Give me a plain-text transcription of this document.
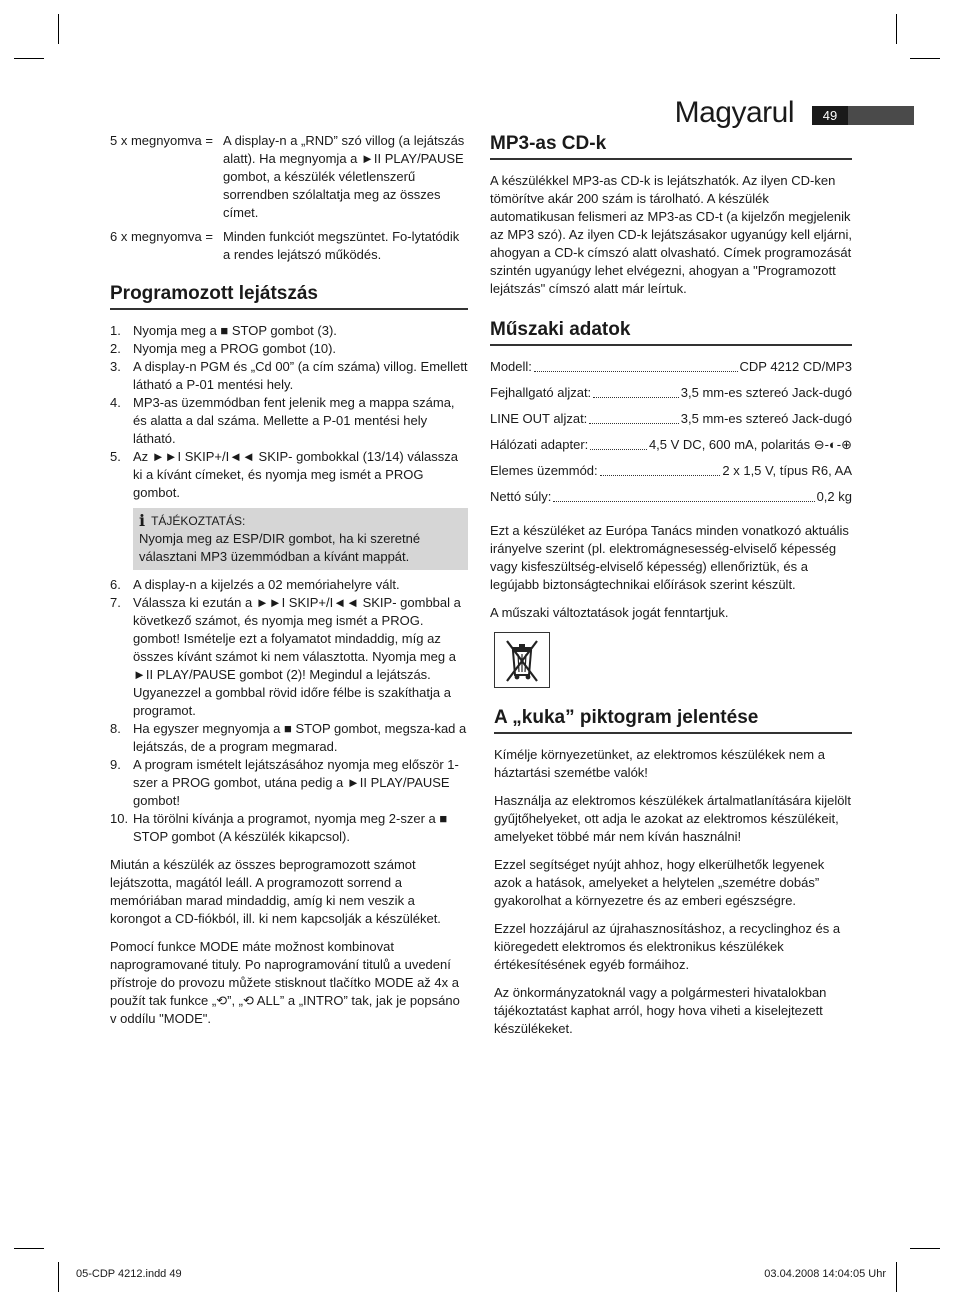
Magyarul	49
5 x megnyomva = A display-n a „RND” szó villog (a lejátszás alatt). Ha megnyomja a ►II PLAY/PAUSE gombot, a készülék véletlenszerű sorrendben szólaltatja meg az összes címet.
6 x megnyomva = Minden funkciót megszüntet. Fo-lytatódik a rendes lejátszó működés.
Programozott lejátszás
1. Nyomja meg a ■ STOP gombot (3).
2. Nyomja meg a PROG gombot (10).
3. A display-n PGM és „Cd 00” (a cím száma) villog. Emellett látható a P-01 mentési hely.
4. MP3-as üzemmódban fent jelenik meg a mappa száma, és alatta a dal száma. Mellette a P-01 mentési hely látható.
5. Az ►►I SKIP+/I◄◄ SKIP- gombokkal (13/14) válassza ki a kívánt címeket, és nyomja meg ismét a PROG gombot.
i TÁJÉKOZTATÁS:
Nyomja meg az ESP/DIR gombot, ha ki szeretné választani MP3 üzemmódban a kívánt mappát.
6. A display-n a kijelzés a 02 memóriahelyre vált.
7. Válassza ki ezután a ►►I SKIP+/I◄◄ SKIP- gombbal a következő számot, és nyomja meg ismét a PROG. gombot! Ismételje ezt a folyamatot mindaddig, míg az összes kívánt számot ki nem választotta. Nyomja meg a ►II PLAY/PAUSE gombot (2)! Megindul a lejátszás. Ugyanezzel a gombbal rövid időre félbe is szakíthatja a programot.
8. Ha egyszer megnyomja a ■ STOP gombot, megsza-kad a lejátszás, de a program megmarad.
9. A program ismételt lejátszásához nyomja meg először 1-szer a PROG gombot, utána pedig a ►II PLAY/PAUSE gombot!
10. Ha törölni kívánja a programot, nyomja meg 2-szer a ■ STOP gombot (A készülék kikapcsol).

Miután a készülék az összes beprogramozott számot lejátszotta, magától leáll. A programozott sorrend a memóriában marad mindaddig, amíg ki nem veszik a korongot a CD-fiókból, ill. ki nem kapcsolják a készüléket.

Pomocí funkce MODE máte možnost kombinovat naprogramované tituly. Po naprogramování titulů a uvedení přístroje do provozu můžete stisknout tlačítko MODE až 4x a použít tak funkce „⟲”, „⟲ ALL” a „INTRO” tak, jak je popsáno v oddílu "MODE".

MP3-as CD-k

A készülékkel MP3-as CD-k is lejátszhatók. Az ilyen CD-ken tömörítve akár 200 szám is tárolható. A készülék automatikusan felismeri az MP3-as CD-t (a kijelzőn megjelenik az MP3 szó). Az ilyen CD-k lejátszásakor ugyanúgy kell eljárni, ahogyan a CD-k címszó alatt olvasható. Címek programozását szintén ugyanúgy lehet elvégezni, ahogyan a "Programozott lejátszás" címszó alatt már leírtuk.

Műszaki adatok
Modell:	CDP 4212 CD/MP3
Fejhallgató aljzat:	3,5 mm-es sztereó Jack-dugó
LINE OUT aljzat:	3,5 mm-es sztereó Jack-dugó
Hálózati adapter:	4,5 V DC, 600 mA, polaritás ⊖-◐-⊕
Elemes üzemmód:	2 x 1,5 V, típus R6, AA
Nettó súly:	0,2 kg

Ezt a készüléket az Európa Tanács minden vonatkozó aktuális irányelve szerint (pl. elektromágnesesség-elviselő képesség vagy kisfeszültség-elviselő képesség) ellenőriztük, és a legújabb biztonságtechnikai előírások szerint készült.

A műszaki változtatások jogát fenntartjuk.

A „kuka” piktogram jelentése

Kímélje környezetünket, az elektromos készülékek nem a háztartási szemétbe valók!

Használja az elektromos készülékek ártalmatlanítására kijelölt gyűjtőhelyeket, ott adja le azokat az elektromos készülékeit, amelyeket többé már nem kíván használni!

Ezzel segítséget nyújt ahhoz, hogy elkerülhetők legyenek azok a hatások, amelyeket a helytelen „szemétre dobás” gyakorolhat a környezetre és az emberi egészségre.

Ezzel hozzájárul az újrahasznosításhoz, a recyclinghoz és a kiöregedett elektromos és elektronikus készülékek értékesítésének egyéb formáihoz.

Az önkormányzatoknál vagy a polgármesteri hivatalokban tájékoztatást kaphat arról, hogy hova viheti a kiselejtezett készülékeket.

05-CDP 4212.indd 49	03.04.2008 14:04:05 Uhr
